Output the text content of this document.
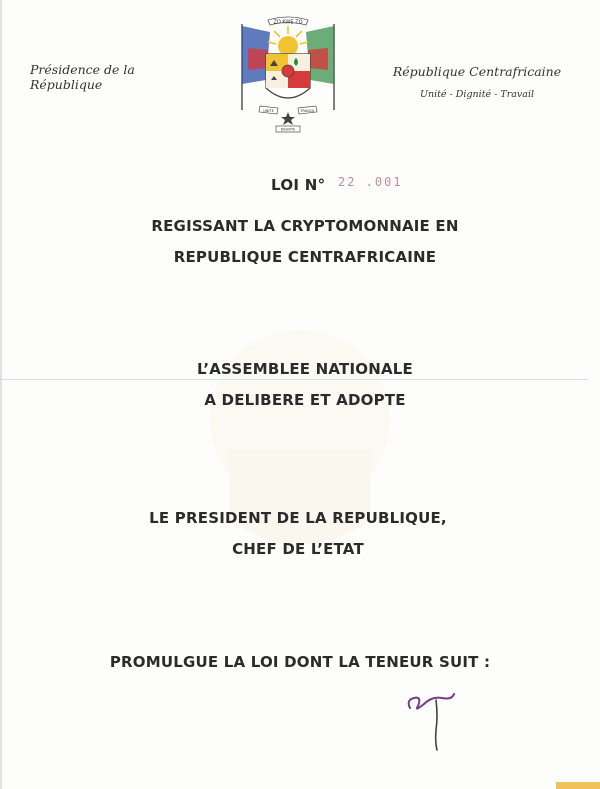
Présidence de la République
ZO KWE ZO
UNITE	TRAVAIL
DIGNITE
République Centrafricaine
Unité - Dignité - Travail
LOI N° 22 .001
REGISSANT LA CRYPTOMONNAIE EN
REPUBLIQUE CENTRAFRICAINE
L’ASSEMBLEE NATIONALE
A DELIBERE ET ADOPTE
LE PRESIDENT DE LA REPUBLIQUE,
CHEF DE L’ETAT
PROMULGUE LA LOI DONT LA TENEUR SUIT :
